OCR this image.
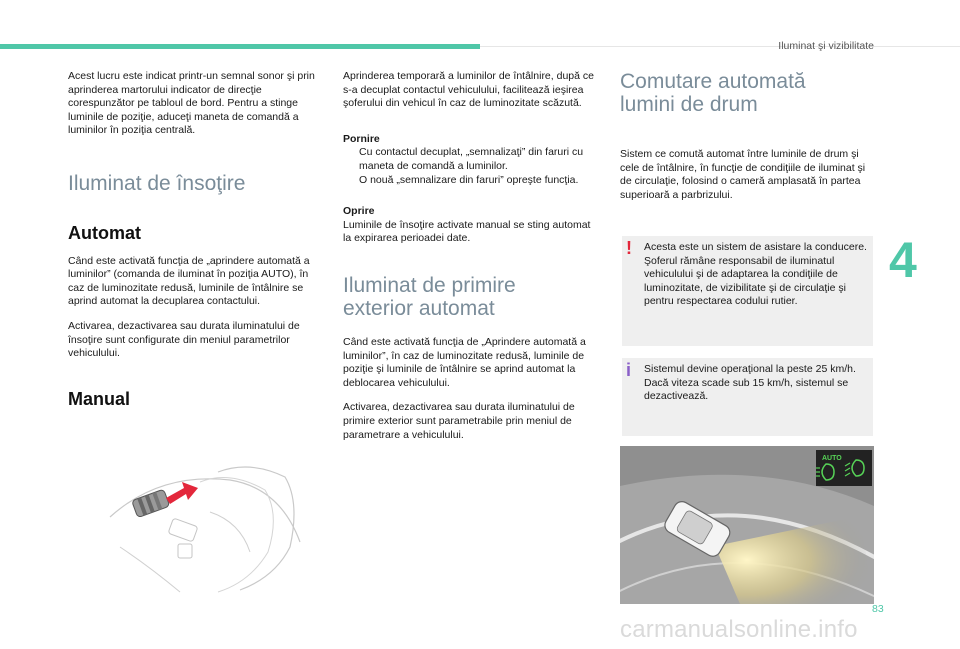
Iluminat şi vizibilitate

Acest lucru este indicat printr-un semnal sonor şi prin aprinderea martorului indicator de direcţie corespunzător pe tabloul de bord. Pentru a stinge luminile de poziţie, aduceţi maneta de comandă a luminilor în poziţia centrală.

Iluminat de însoţire
Automat

Când este activată funcţia de „aprindere automată a luminilor” (comanda de iluminat în poziţia AUTO), în caz de luminozitate redusă, luminile de întâlnire se aprind automat la decuplarea contactului.

Activarea, dezactivarea sau durata iluminatului de însoţire sunt configurate din meniul parametrilor vehiculului.

Manual

Aprinderea temporară a luminilor de întâlnire, după ce s-a decuplat contactul vehiculului, facilitează ieşirea şoferului din vehicul în caz de luminozitate scăzută.

Pornire

Cu contactul decuplat, „semnalizaţi” din faruri cu maneta de comandă a luminilor.
O nouă „semnalizare din faruri” opreşte funcţia.

Oprire

Luminile de însoţire activate manual se sting automat la expirarea perioadei date.

Iluminat de primire exterior automat

Când este activată funcţia de „Aprindere automată a luminilor”, în caz de luminozitate redusă, luminile de poziţie şi luminile de întâlnire se aprind automat la deblocarea vehiculului.

Activarea, dezactivarea sau durata iluminatului de primire exterior sunt parametrabile prin meniul de parametrare a vehiculului.

Comutare automată lumini de drum

Sistem ce comută automat între luminile de drum şi cele de întâlnire, în funcţie de condiţiile de iluminat şi de circulaţie, folosind o cameră amplasată în partea superioară a parbrizului.

! Acesta este un sistem de asistare la conducere.
Şoferul rămâne responsabil de iluminatul vehiculului şi de adaptarea la condiţiile de luminozitate, de vizibilitate şi de circulaţie şi pentru respectarea codului rutier.
i Sistemul devine operaţional la peste 25 km/h.
Dacă viteza scade sub 15 km/h, sistemul se dezactivează.
AUTO
4
83
carmanualsonline.info
